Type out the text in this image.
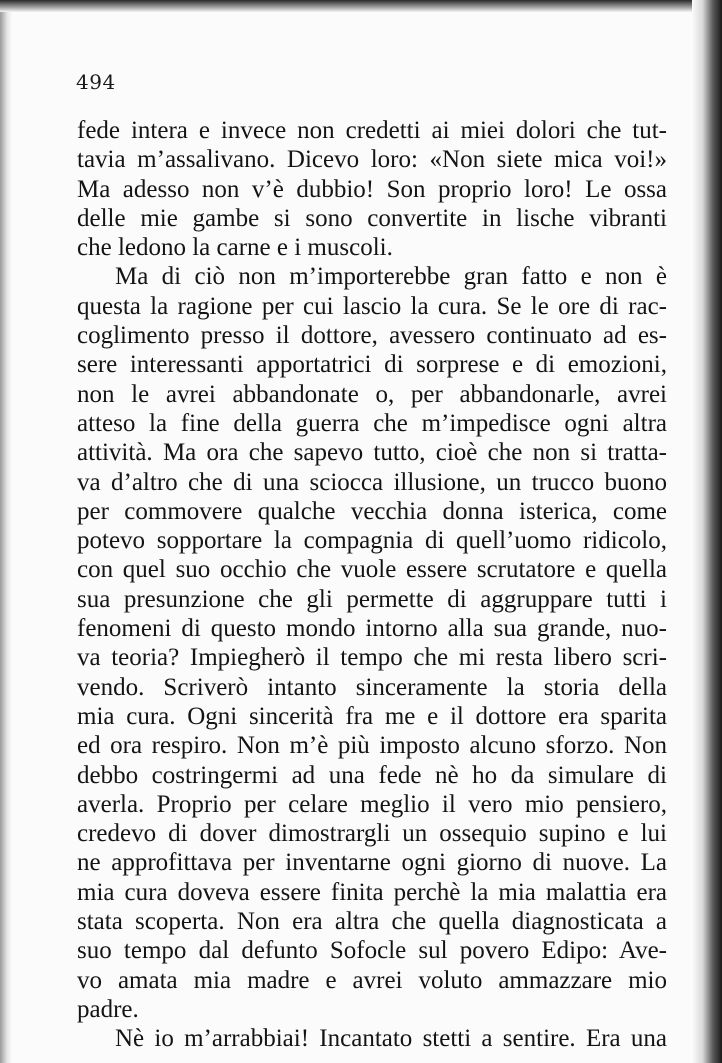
494
fede intera e invece non credetti ai miei dolori che tut-
tavia m’assalivano. Dicevo loro: «Non siete mica voi!»
Ma adesso non v’è dubbio! Son proprio loro! Le ossa
delle mie gambe si sono convertite in lische vibranti
che ledono la carne e i muscoli.
Ma di ciò non m’importerebbe gran fatto e non è
questa la ragione per cui lascio la cura. Se le ore di rac-
coglimento presso il dottore, avessero continuato ad es-
sere interessanti apportatrici di sorprese e di emozioni,
non le avrei abbandonate o, per abbandonarle, avrei
atteso la fine della guerra che m’impedisce ogni altra
attività. Ma ora che sapevo tutto, cioè che non si tratta-
va d’altro che di una sciocca illusione, un trucco buono
per commovere qualche vecchia donna isterica, come
potevo sopportare la compagnia di quell’uomo ridicolo,
con quel suo occhio che vuole essere scrutatore e quella
sua presunzione che gli permette di aggruppare tutti i
fenomeni di questo mondo intorno alla sua grande, nuo-
va teoria? Impiegherò il tempo che mi resta libero scri-
vendo. Scriverò intanto sinceramente la storia della
mia cura. Ogni sincerità fra me e il dottore era sparita
ed ora respiro. Non m’è più imposto alcuno sforzo. Non
debbo costringermi ad una fede nè ho da simulare di
averla. Proprio per celare meglio il vero mio pensiero,
credevo di dover dimostrargli un ossequio supino e lui
ne approfittava per inventarne ogni giorno di nuove. La
mia cura doveva essere finita perchè la mia malattia era
stata scoperta. Non era altra che quella diagnosticata a
suo tempo dal defunto Sofocle sul povero Edipo: Ave-
vo amata mia madre e avrei voluto ammazzare mio
padre.
Nè io m’arrabbiai! Incantato stetti a sentire. Era una
